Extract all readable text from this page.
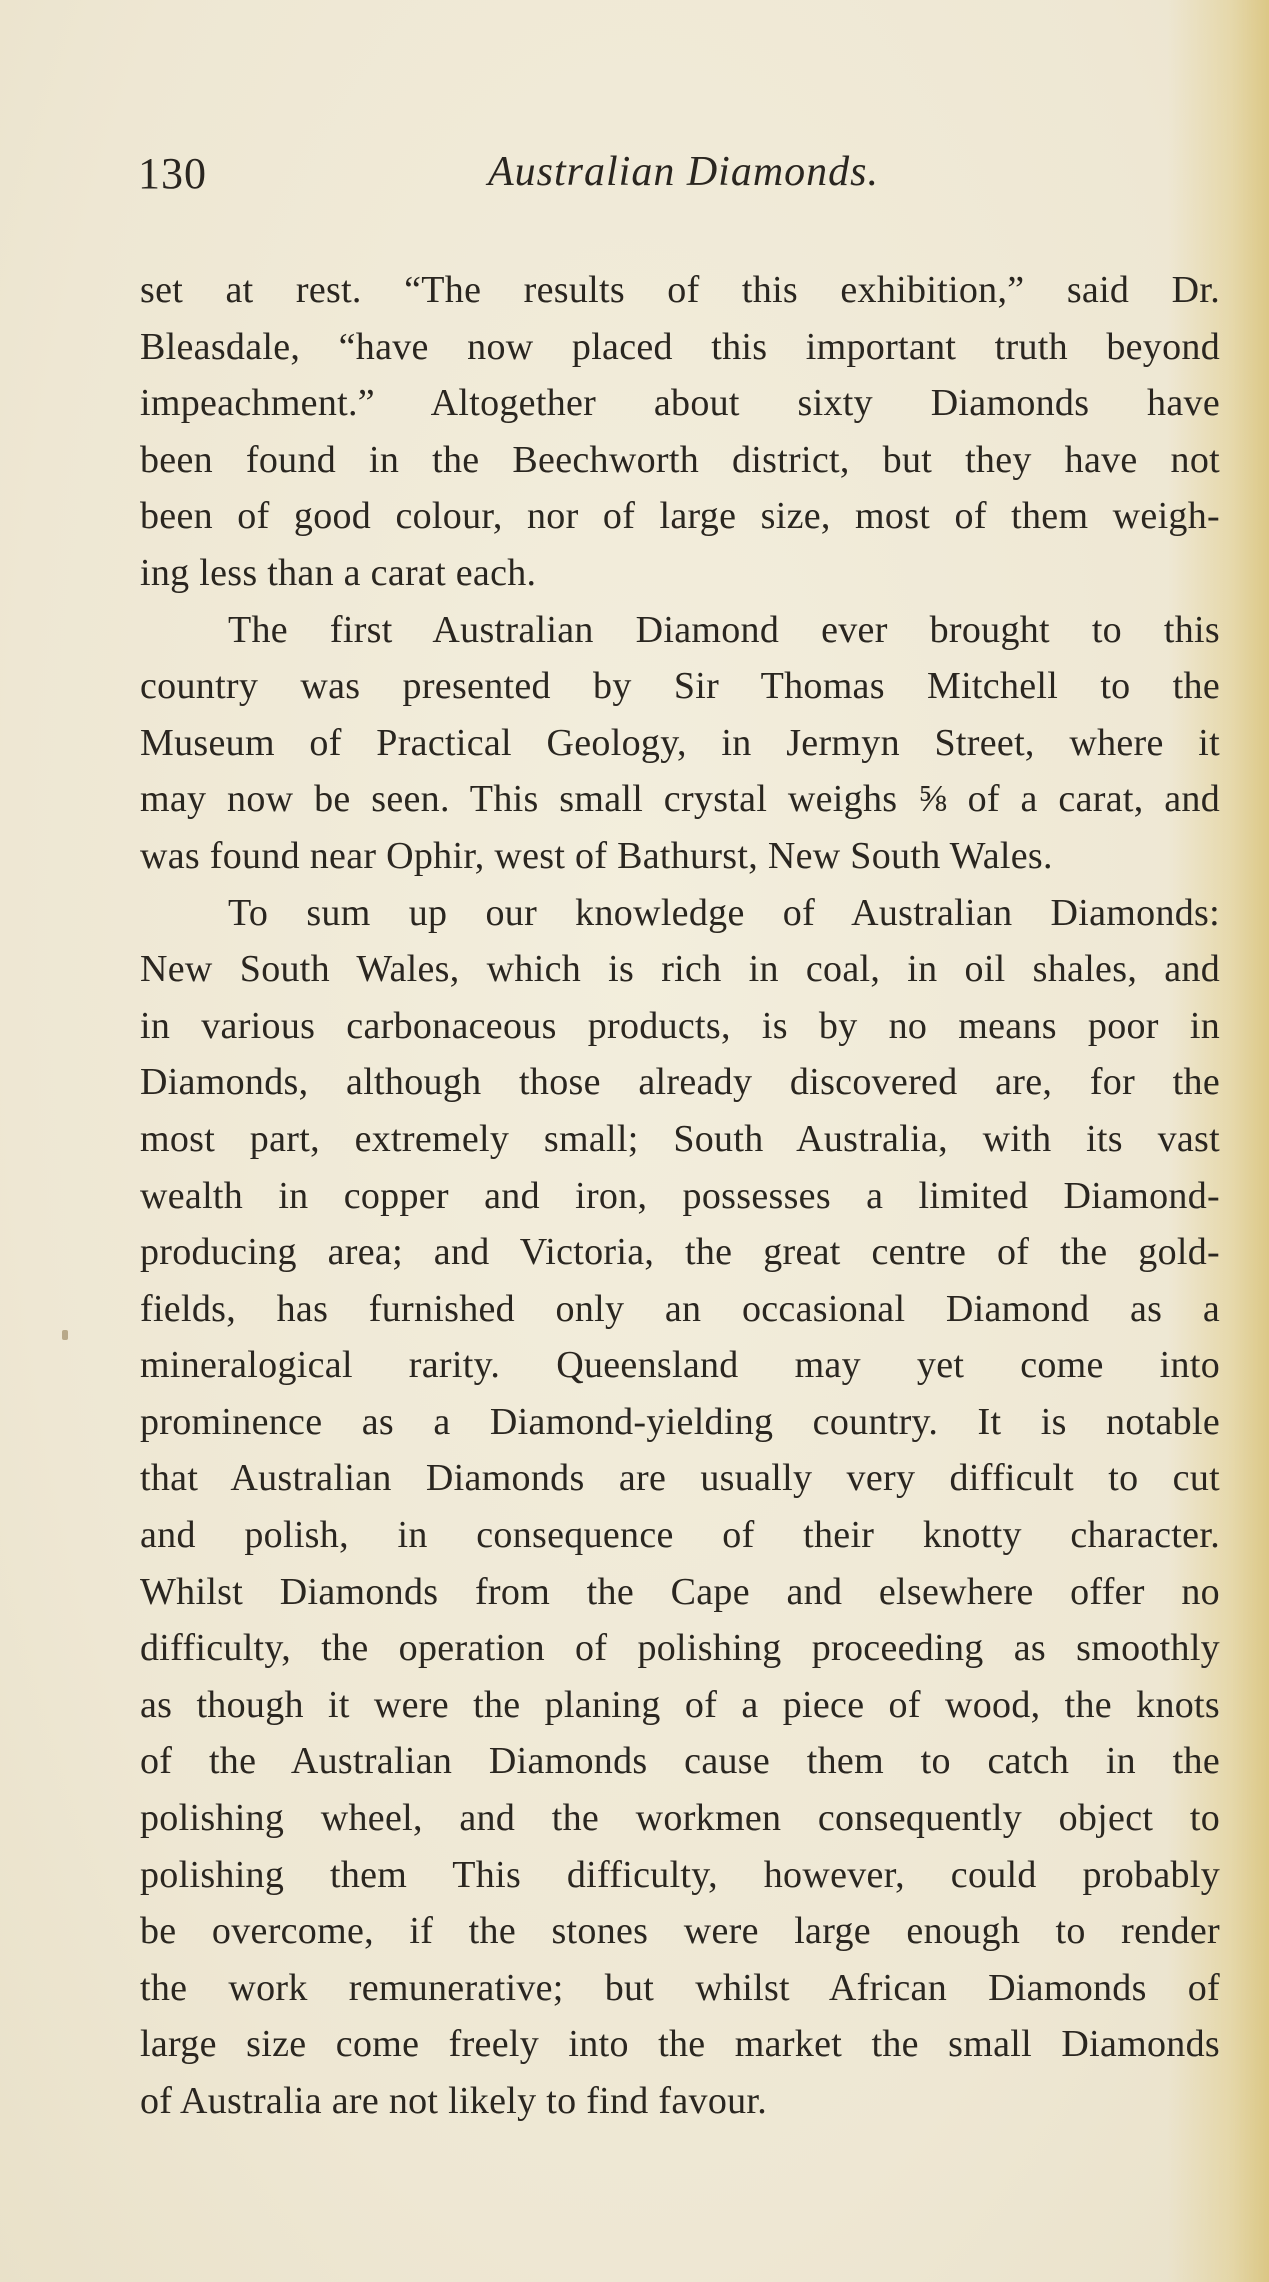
130	Australian Diamonds.
set at rest. “The results of this exhibition,” said Dr.
Bleasdale, “have now placed this important truth beyond
impeachment.” Altogether about sixty Diamonds have
been found in the Beechworth district, but they have not
been of good colour, nor of large size, most of them weigh-
ing less than a carat each.
The first Australian Diamond ever brought to this
country was presented by Sir Thomas Mitchell to the
Museum of Practical Geology, in Jermyn Street, where it
may now be seen. This small crystal weighs ⅝ of a carat, and
was found near Ophir, west of Bathurst, New South Wales.
To sum up our knowledge of Australian Diamonds:
New South Wales, which is rich in coal, in oil shales, and
in various carbonaceous products, is by no means poor in
Diamonds, although those already discovered are, for the
most part, extremely small; South Australia, with its vast
wealth in copper and iron, possesses a limited Diamond-
producing area; and Victoria, the great centre of the gold-
fields, has furnished only an occasional Diamond as a
mineralogical rarity. Queensland may yet come into
prominence as a Diamond-yielding country. It is notable
that Australian Diamonds are usually very difficult to cut
and polish, in consequence of their knotty character.
Whilst Diamonds from the Cape and elsewhere offer no
difficulty, the operation of polishing proceeding as smoothly
as though it were the planing of a piece of wood, the knots
of the Australian Diamonds cause them to catch in the
polishing wheel, and the workmen consequently object to
polishing them This difficulty, however, could probably
be overcome, if the stones were large enough to render
the work remunerative; but whilst African Diamonds of
large size come freely into the market the small Diamonds
of Australia are not likely to find favour.
